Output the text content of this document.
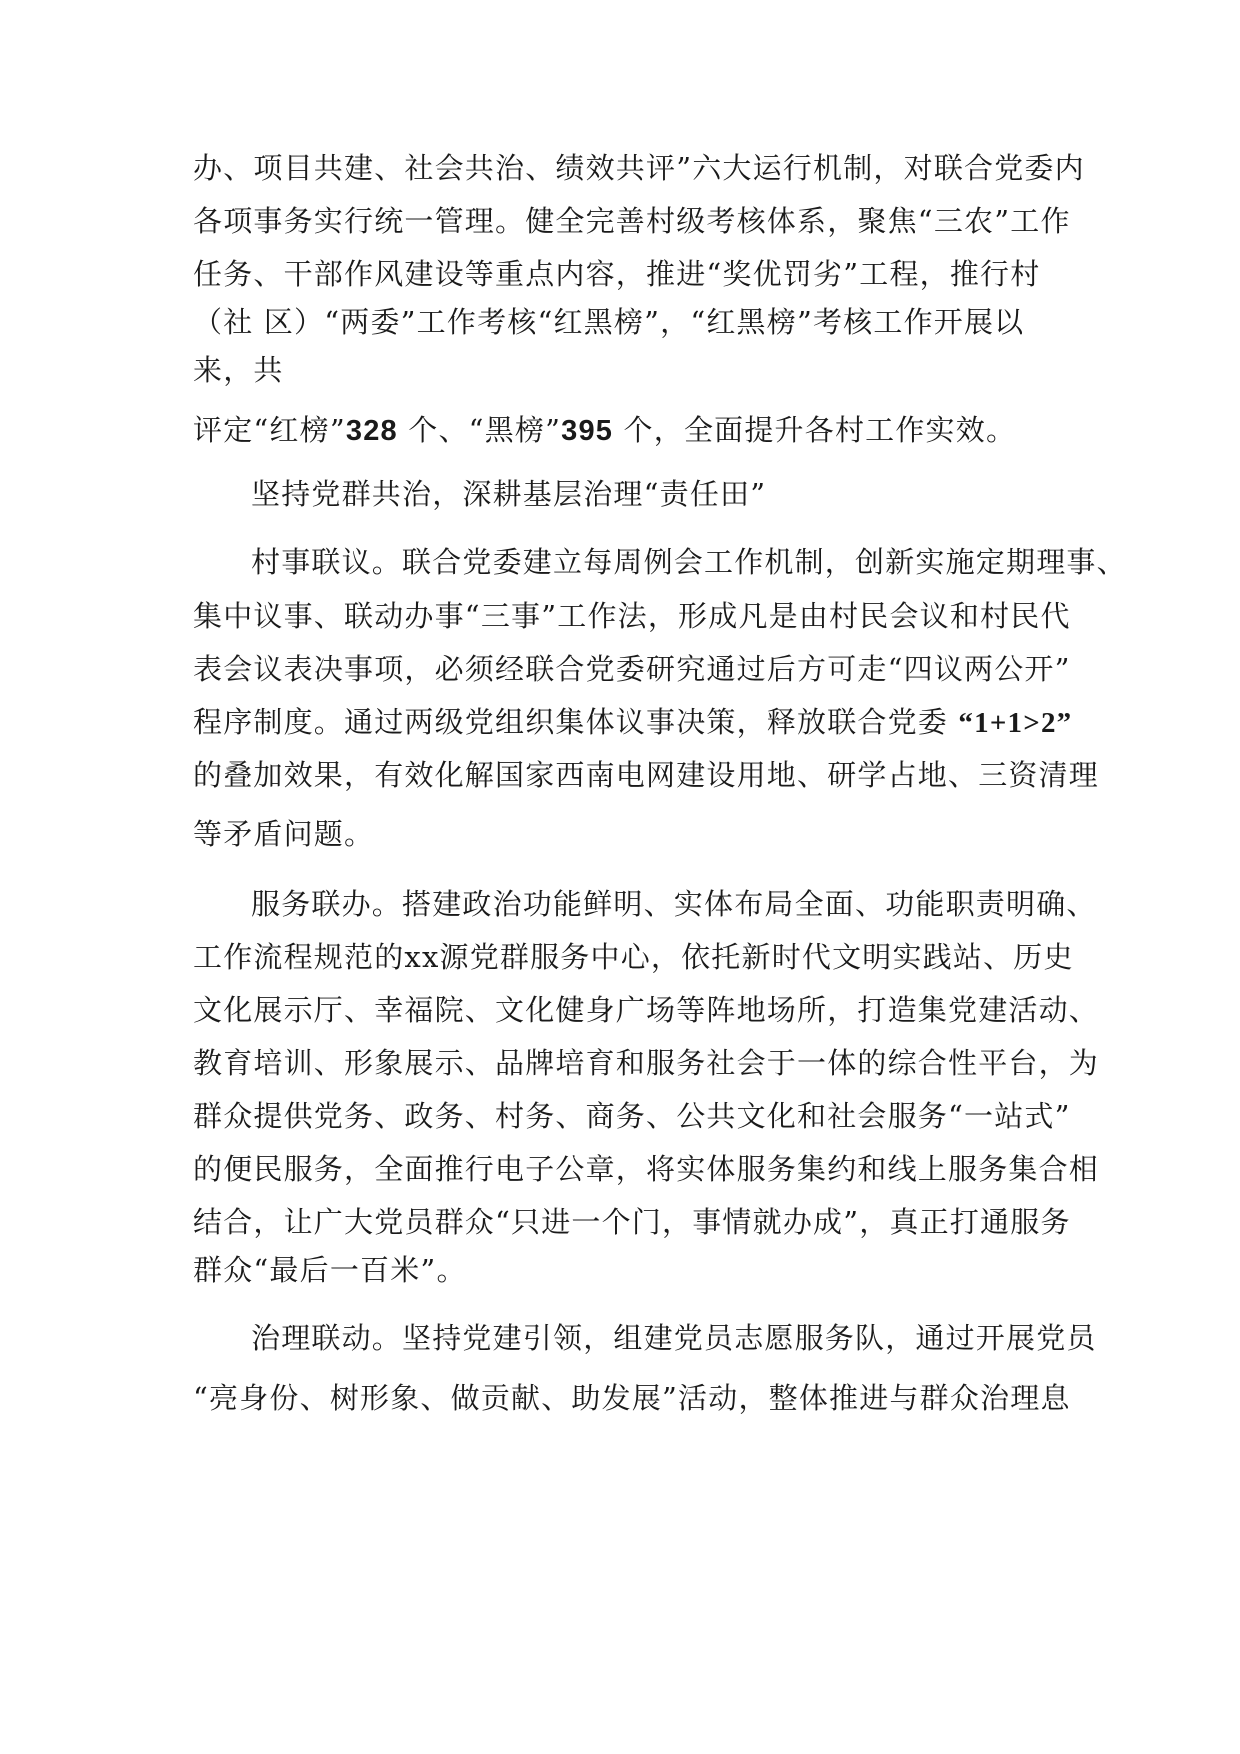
办、项目共建、社会共治、绩效共评”六大运行机制，对联合党委内
各项事务实行统一管理。健全完善村级考核体系，聚焦“三农”工作
任务、干部作风建设等重点内容，推进“奖优罚劣”工程，推行村
（社 区）“两委”工作考核“红黑榜”，“红黑榜”考核工作开展以
来，共
评定“红榜”328 个、“黑榜”395 个，全面提升各村工作实效。
坚持党群共治，深耕基层治理“责任田”
村事联议。联合党委建立每周例会工作机制，创新实施定期理事、
集中议事、联动办事“三事”工作法，形成凡是由村民会议和村民代
表会议表决事项，必须经联合党委研究通过后方可走“四议两公开”
程序制度。通过两级党组织集体议事决策，释放联合党委 “1+1>2”
的叠加效果，有效化解国家西南电网建设用地、研学占地、三资清理
等矛盾问题。
服务联办。搭建政治功能鲜明、实体布局全面、功能职责明确、
工作流程规范的xx源党群服务中心，依托新时代文明实践站、历史
文化展示厅、幸福院、文化健身广场等阵地场所，打造集党建活动、
教育培训、形象展示、品牌培育和服务社会于一体的综合性平台，为
群众提供党务、政务、村务、商务、公共文化和社会服务“一站式”
的便民服务，全面推行电子公章，将实体服务集约和线上服务集合相
结合，让广大党员群众“只进一个门，事情就办成”，真正打通服务
群众“最后一百米”。
治理联动。坚持党建引领，组建党员志愿服务队，通过开展党员
“亮身份、树形象、做贡献、助发展”活动，整体推进与群众治理息
